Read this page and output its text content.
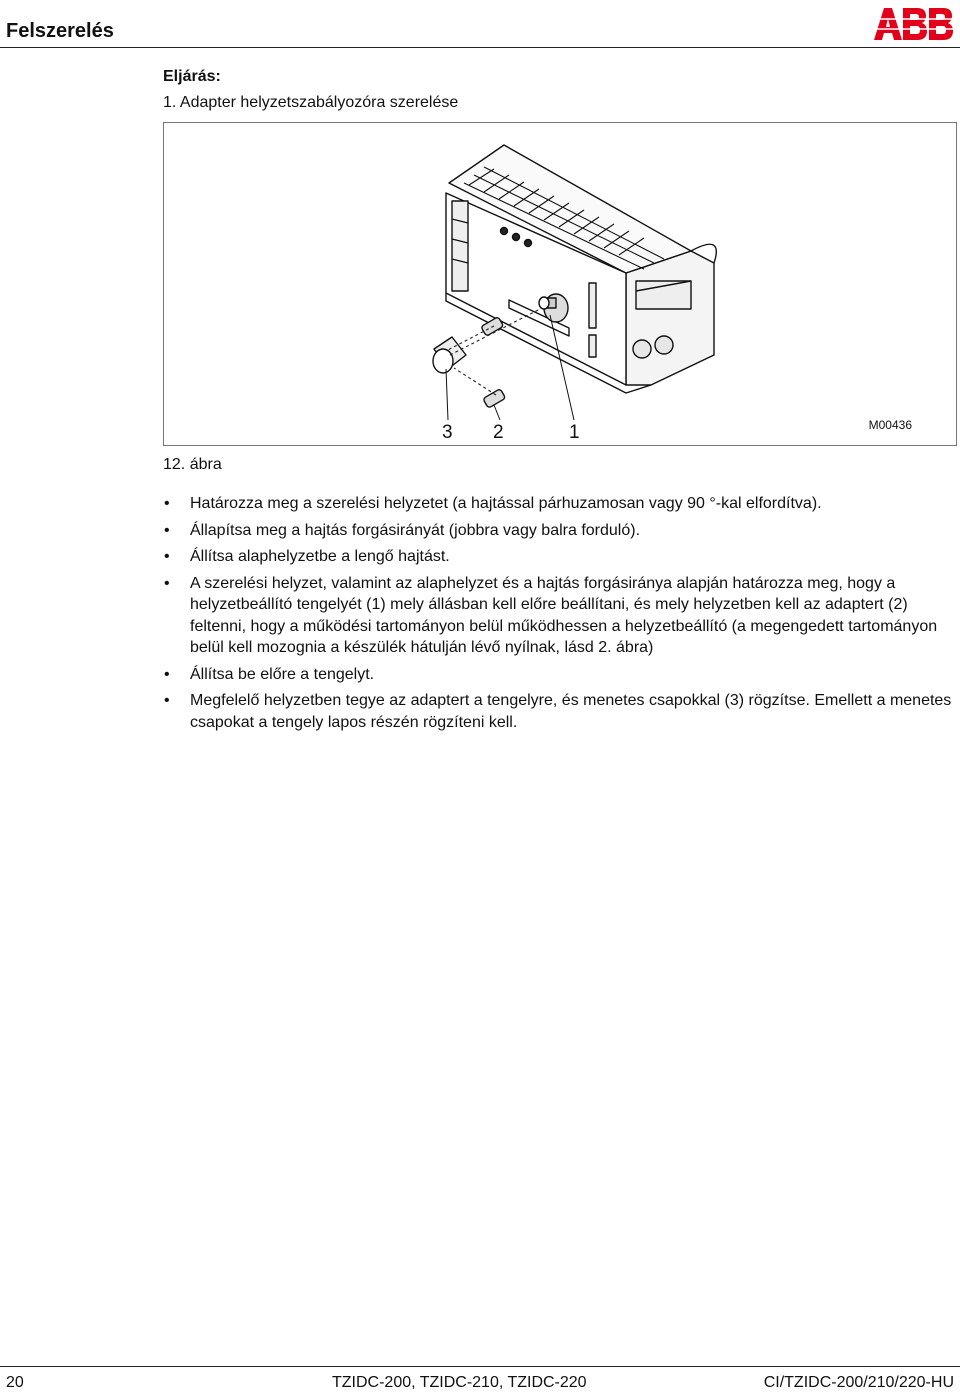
Felszerelés
Eljárás:
1. Adapter helyzetszabályozóra szerelése
3 2	1	M00436
12. ábra
• Határozza meg a szerelési helyzetet (a hajtással párhuzamosan vagy 90 °-kal elfordítva).
• Állapítsa meg a hajtás forgásirányát (jobbra vagy balra forduló).
• Állítsa alaphelyzetbe a lengő hajtást.
• A szerelési helyzet, valamint az alaphelyzet és a hajtás forgásiránya alapján határozza meg, hogy a helyzetbeállító tengelyét (1) mely állásban kell előre beállítani, és mely helyzetben kell az adaptert (2) feltenni, hogy a működési tartományon belül működhessen a helyzetbeállító (a megengedett tartományon belül kell mozognia a készülék hátulján lévő nyílnak, lásd 2. ábra)
• Állítsa be előre a tengelyt.
• Megfelelő helyzetben tegye az adaptert a tengelyre, és menetes csapokkal (3) rögzítse. Emellett a menetes csapokat a tengely lapos részén rögzíteni kell.
20	TZIDC-200, TZIDC-210, TZIDC-220	CI/TZIDC-200/210/220-HU
